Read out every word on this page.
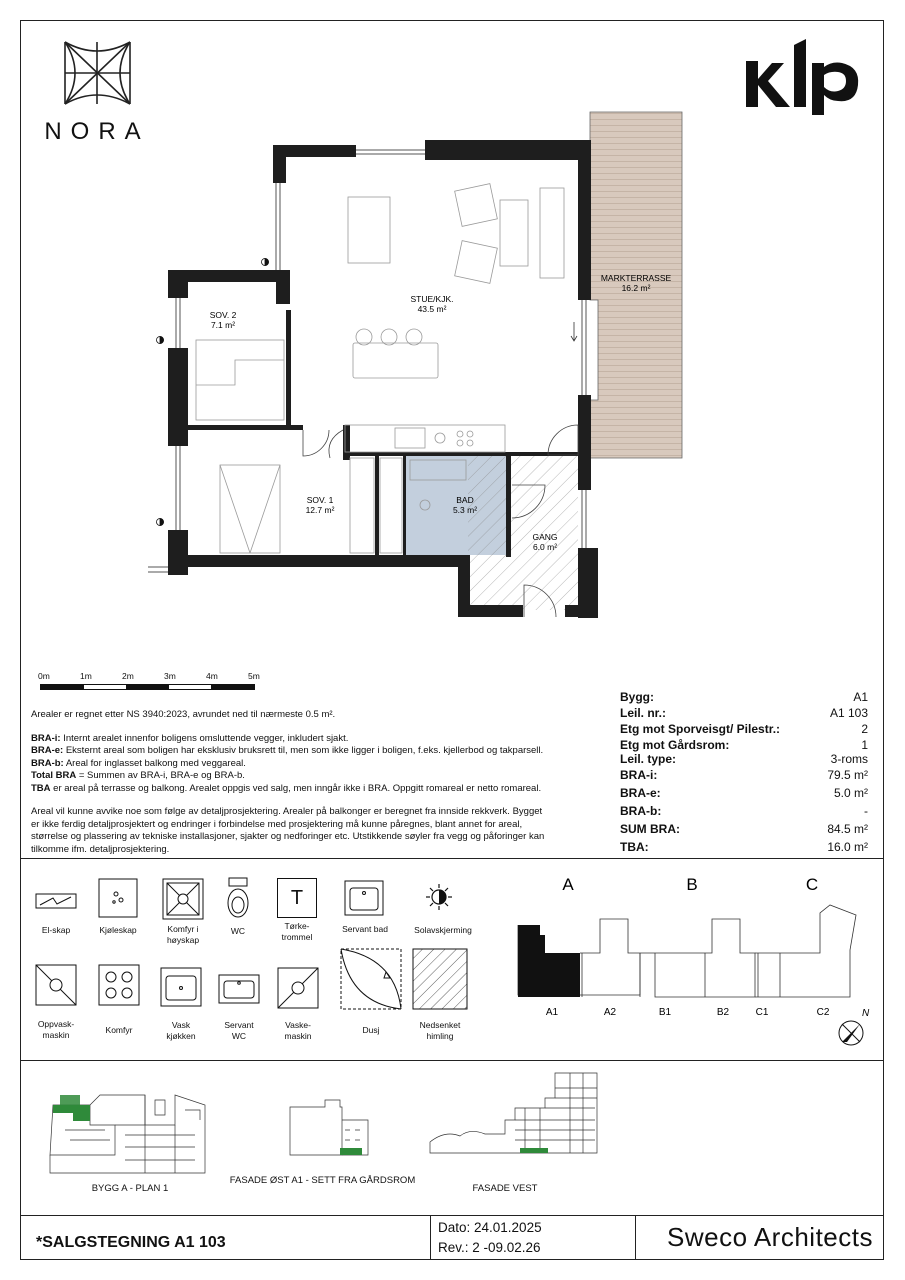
NORA
STUE/KJK.
43.5 m²
SOV. 2
7.1 m²
SOV. 1
12.7 m²
BAD
5.3 m²
GANG
6.0 m²
MARKTERRASSE
16.2 m²
0m	1m	2m	3m	4m	5m
Arealer er regnet etter NS 3940:2023, avrundet ned til nærmeste 0.5 m².
BRA-i: Internt arealet innenfor boligens omsluttende vegger, inkludert sjakt.
BRA-e: Eksternt areal som boligen har eksklusiv bruksrett til, men som ikke ligger i boligen, f.eks. kjellerbod og takparsell.
BRA-b: Areal for inglasset balkong med veggareal.
Total BRA = Summen av BRA-i, BRA-e og BRA-b.
TBA er areal på terrasse og balkong. Arealet oppgis ved salg, men inngår ikke i BRA. Oppgitt romareal er netto romareal.
Areal vil kunne avvike noe som følge av detaljprosjektering. Arealer på balkonger er beregnet fra innside rekkverk. Bygget
er ikke ferdig detaljprosjektert og endringer i forbindelse med prosjektering må kunne påregnes, blant annet for areal,
størrelse og plassering av tekniske installasjoner, sjakter og nedforinger etc. Utstikkende søyler fra vegg og påforinger kan
tilkomme ifm. detaljprosjektering.
Bygg:	A1
Leil. nr.:	A1 103
Etg mot Sporveisgt/ Pilestr.:	2
Etg mot Gårdsrom:	1
Leil. type:	3-roms
BRA-i:	79.5 m²
BRA-e:	5.0 m²
BRA-b:	-
SUM BRA:	84.5 m²
TBA:	16.0 m²
El-skap	Kjøleskap	Komfyr i
høyskap
WC
T
Tørke-
trommel
Servant bad	Solavskjerming
Oppvask-
maskin	Komfyr	Vask
kjøkken
Servant
WC
Vaske-
maskin
Dusj	Nedsenket
himling
A	B	C
A1	A2	B1	B2	C1	C2	N
BYGG A - PLAN 1
FASADE ØST A1 - SETT FRA GÅRDSROM
FASADE VEST
*SALGSTEGNING A1 103
Dato: 24.01.2025
Rev.: 2 -09.02.26	Sweco Architects
